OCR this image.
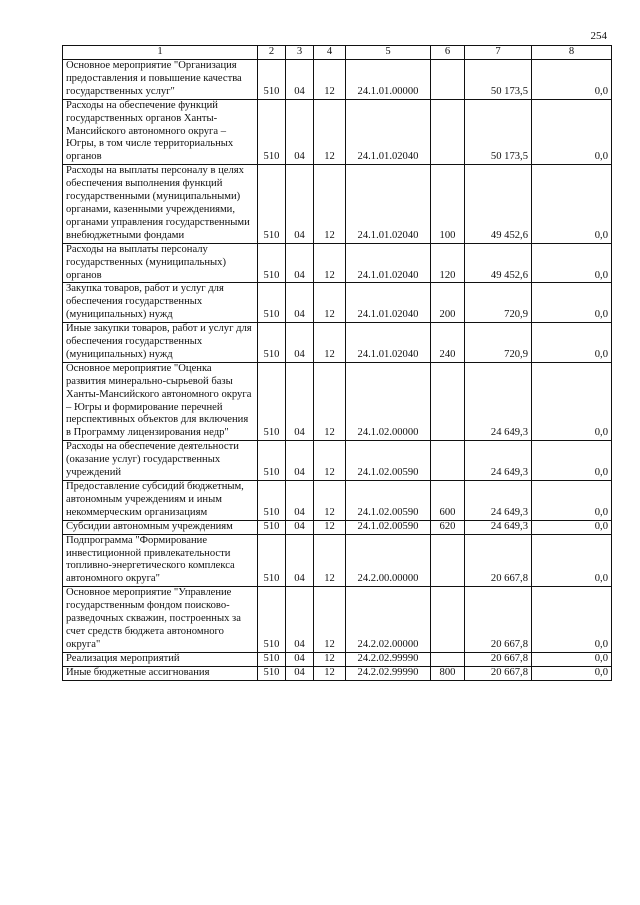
254
1	2	3	4	5	6	7	8
Основное мероприятие "Организация предоставления и повышение качества государственных услуг"	510	04	12	24.1.01.00000		50 173,5	0,0
Расходы на обеспечение функций государственных органов Ханты-Мансийского автономного округа – Югры, в том числе территориальных органов	510	04	12	24.1.01.02040		50 173,5	0,0
Расходы на выплаты персоналу в целях обеспечения выполнения функций государственными (муниципальными) органами, казенными учреждениями, органами управления государственными внебюджетными фондами	510	04	12	24.1.01.02040	100	49 452,6	0,0
Расходы на выплаты персоналу государственных (муниципальных) органов	510	04	12	24.1.01.02040	120	49 452,6	0,0
Закупка товаров, работ и услуг для обеспечения государственных (муниципальных) нужд	510	04	12	24.1.01.02040	200	720,9	0,0
Иные закупки товаров, работ и услуг для обеспечения государственных (муниципальных) нужд	510	04	12	24.1.01.02040	240	720,9	0,0
Основное мероприятие "Оценка развития минерально-сырьевой базы Ханты-Мансийского автономного округа – Югры и формирование перечней перспективных объектов для включения в Программу лицензирования недр"	510	04	12	24.1.02.00000		24 649,3	0,0
Расходы на обеспечение деятельности (оказание услуг) государственных учреждений	510	04	12	24.1.02.00590		24 649,3	0,0
Предоставление субсидий бюджетным, автономным учреждениям и иным некоммерческим организациям	510	04	12	24.1.02.00590	600	24 649,3	0,0
Субсидии автономным учреждениям	510	04	12	24.1.02.00590	620	24 649,3	0,0
Подпрограмма "Формирование инвестиционной привлекательности топливно-энергетического комплекса автономного округа"	510	04	12	24.2.00.00000		20 667,8	0,0
Основное мероприятие "Управление государственным фондом поисково-разведочных скважин, построенных за счет средств бюджета автономного округа"	510	04	12	24.2.02.00000		20 667,8	0,0
Реализация мероприятий	510	04	12	24.2.02.99990		20 667,8	0,0
Иные бюджетные ассигнования	510	04	12	24.2.02.99990	800	20 667,8	0,0
